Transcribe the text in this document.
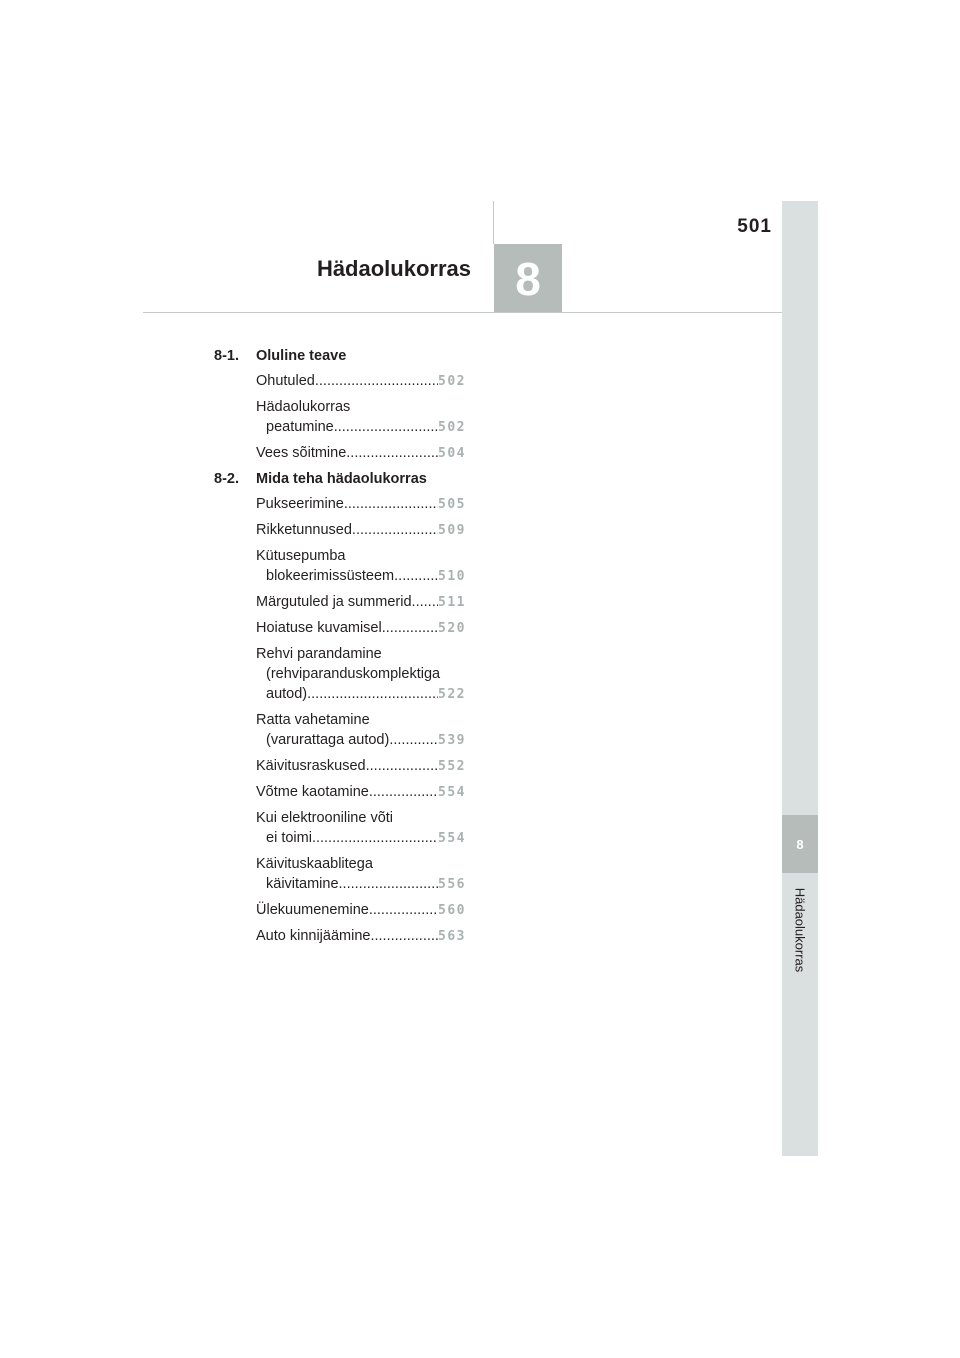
501
Hädaolukorras 8
8
Hädaolukorras
8-1.	Oluline teave
Ohutuled .....	502
Hädaolukorras
peatumine .....	502
Vees sõitmine .....	504
8-2.	Mida teha hädaolukorras
Pukseerimine .....	505
Rikketunnused .....	509
Kütusepumba
blokeerimissüsteem .....	510
Märgutuled ja summerid ..... 511
Hoiatuse kuvamisel .....	520
Rehvi parandamine
(rehviparanduskomplektiga
autod) .....	522
Ratta vahetamine
(varurattaga autod) .....	539
Käivitusraskused .....	552
Võtme kaotamine .....	554
Kui elektrooniline võti
ei toimi .....	554
Käivituskaablitega
käivitamine .....	556
Ülekuumenemine .....	560
Auto kinnijäämine .....	563
